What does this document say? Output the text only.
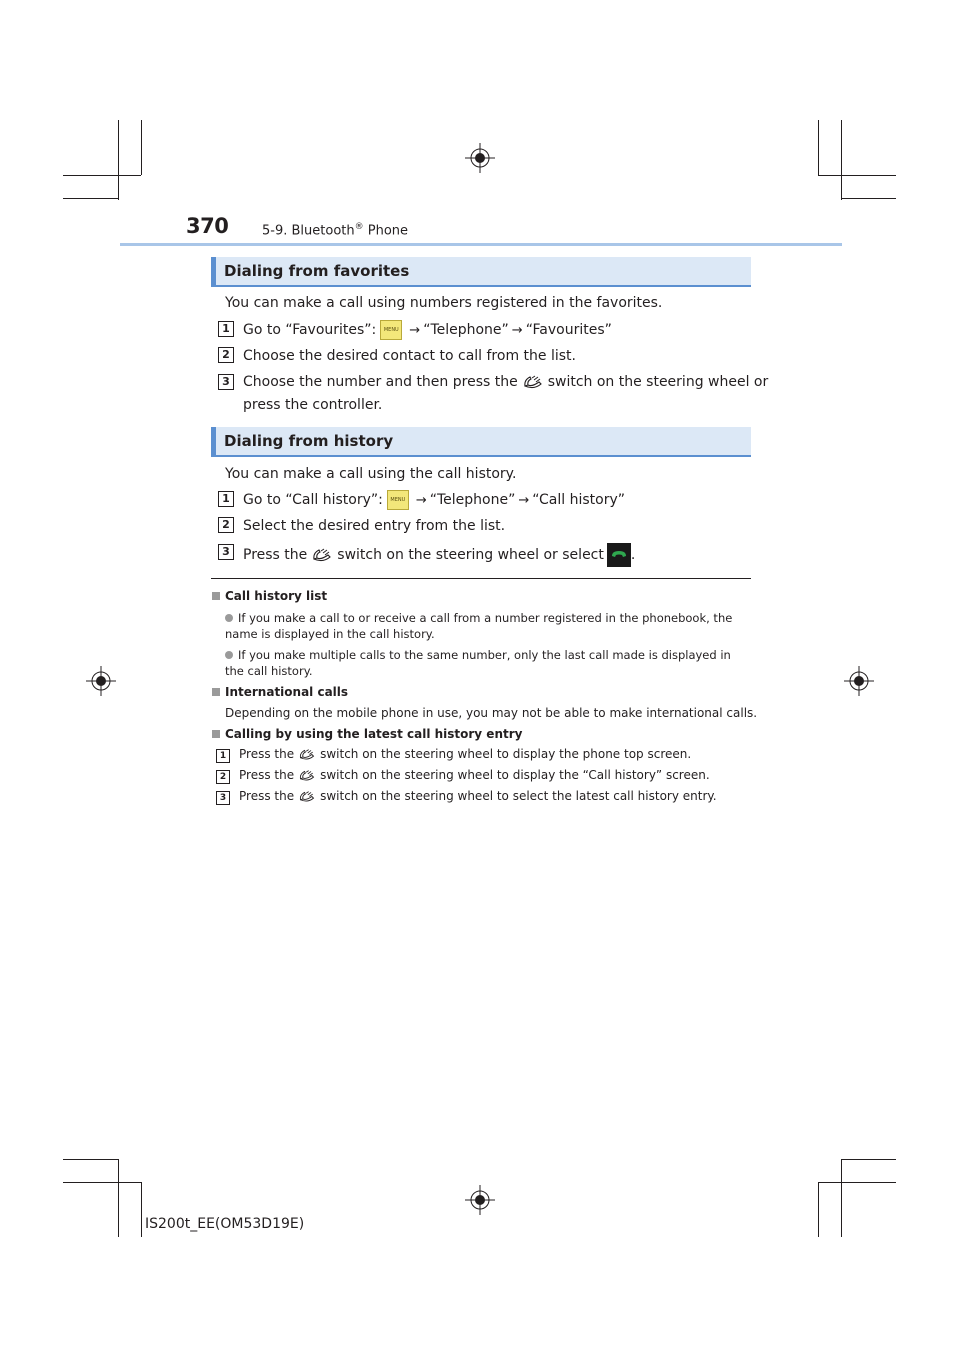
370	5-9. Bluetooth® Phone
Dialing from favorites
You can make a call using numbers registered in the favorites.
1 Go to “Favourites”: MENU → “Telephone” → “Favourites”
2 Choose the desired contact to call from the list.
3 Choose the number and then press the switch on the steering wheel or
press the controller.
Dialing from history
You can make a call using the call history.
1 Go to “Call history”: MENU → “Telephone” → “Call history”
2 Select the desired entry from the list.
3 Press the switch on the steering wheel or select .
Call history list
If you make a call to or receive a call from a number registered in the phonebook, the name is displayed in the call history.
If you make multiple calls to the same number, only the last call made is displayed in the call history.
International calls
Depending on the mobile phone in use, you may not be able to make international calls.
Calling by using the latest call history entry
1	Press the switch on the steering wheel to display the phone top screen.
2	Press the switch on the steering wheel to display the “Call history” screen.
3	Press the switch on the steering wheel to select the latest call history entry.
IS200t_EE(OM53D19E)
